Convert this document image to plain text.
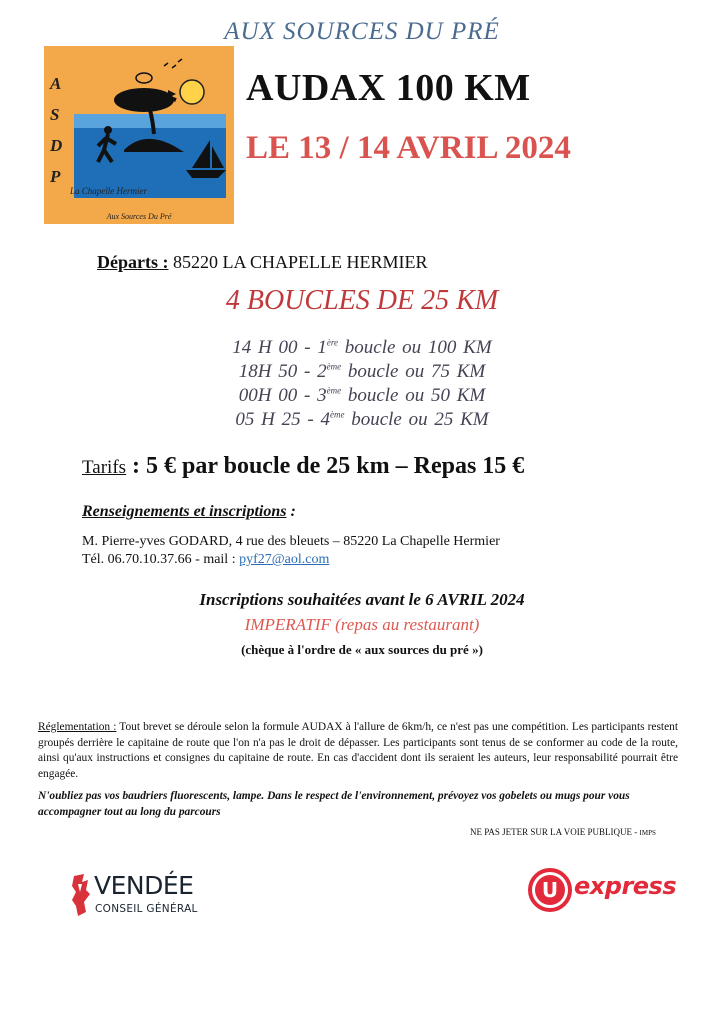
AUX SOURCES DU PRÉ
A
S
D
P
La Chapelle Hermier
Aux Sources Du Pré
AUDAX 100 KM
LE 13 / 14 AVRIL 2024
Départs : 85220 LA CHAPELLE HERMIER
4 BOUCLES DE 25 KM
14 H 00 - 1ère boucle ou 100 KM
18H 50 - 2ème boucle ou 75 KM
00H 00 - 3ème boucle ou 50 KM
05 H 25 - 4ème boucle ou 25 KM
Tarifs : 5 € par boucle de 25 km – Repas 15 €
Renseignements et inscriptions :
M. Pierre-yves GODARD, 4 rue des bleuets – 85220 La Chapelle Hermier
Tél. 06.70.10.37.66 - mail : pyf27@aol.com
Inscriptions souhaitées avant le 6 AVRIL 2024
IMPERATIF (repas au restaurant)
(chèque à l'ordre de « aux sources du pré »)
Réglementation : Tout brevet se déroule selon la formule AUDAX à l'allure de 6km/h, ce n'est pas une compétition. Les participants restent groupés derrière le capitaine de route que l'on n'a pas le droit de dépasser. Les participants sont tenus de se conformer au code de la route, ainsi qu'aux instructions et consignes du capitaine de route. En cas d'accident dont ils seraient les auteurs, leur responsabilité pourrait être engagée.
N'oubliez pas vos baudriers fluorescents, lampe. Dans le respect de l'environnement, prévoyez vos gobelets ou mugs pour vous accompagner tout au long du parcours
NE PAS JETER SUR LA VOIE PUBLIQUE - IMPS
VENDÉE
CONSEIL GÉNÉRAL
U express
